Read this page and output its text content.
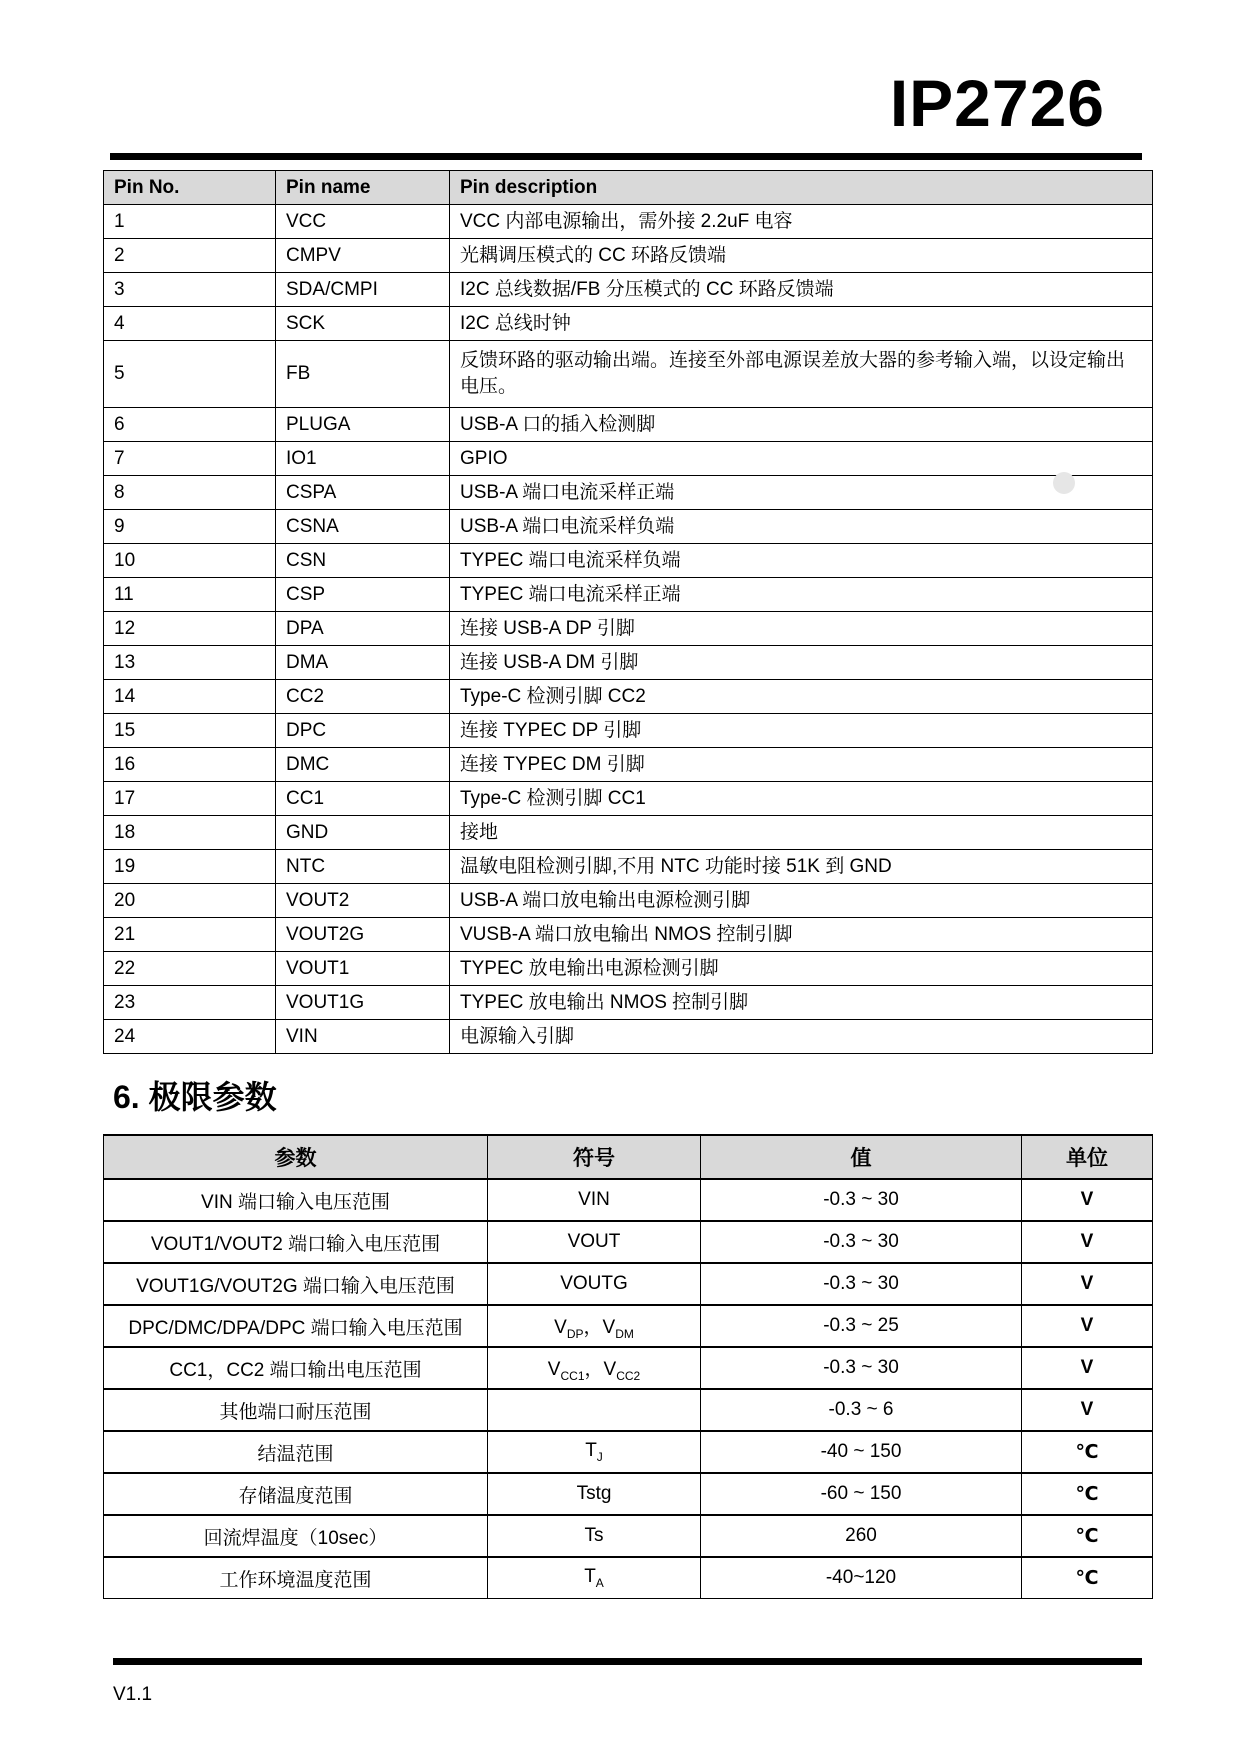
IP2726
Pin No.	Pin name	Pin description
1	VCC	VCC 内部电源输出，需外接 2.2uF 电容
2	CMPV	光耦调压模式的 CC 环路反馈端
3	SDA/CMPI	I2C 总线数据/FB 分压模式的 CC 环路反馈端
4	SCK	I2C 总线时钟
5	FB	反馈环路的驱动输出端。连接至外部电源误差放大器的参考输入端，以设定输出电压。
6	PLUGA	USB-A 口的插入检测脚
7	IO1	GPIO
8	CSPA	USB-A 端口电流采样正端
9	CSNA	USB-A 端口电流采样负端
10	CSN	TYPEC 端口电流采样负端
11	CSP	TYPEC 端口电流采样正端
12	DPA	连接 USB-A DP 引脚
13	DMA	连接 USB-A DM 引脚
14	CC2	Type-C 检测引脚 CC2
15	DPC	连接 TYPEC DP 引脚
16	DMC	连接 TYPEC DM 引脚
17	CC1	Type-C 检测引脚 CC1
18	GND	接地
19	NTC	温敏电阻检测引脚,不用 NTC 功能时接 51K 到 GND
20	VOUT2	USB-A 端口放电输出电源检测引脚
21	VOUT2G	VUSB-A 端口放电输出 NMOS 控制引脚
22	VOUT1	TYPEC 放电输出电源检测引脚
23	VOUT1G	TYPEC 放电输出 NMOS 控制引脚
24	VIN	电源输入引脚
6. 极限参数
参数	符号	值	单位
VIN 端口输入电压范围	VIN	-0.3 ~ 30	V
VOUT1/VOUT2 端口输入电压范围	VOUT	-0.3 ~ 30	V
VOUT1G/VOUT2G 端口输入电压范围	VOUTG	-0.3 ~ 30	V
DPC/DMC/DPA/DPC 端口输入电压范围	$V_{DP}$，$V_{DM}$	-0.3 ~ 25	V
CC1，CC2 端口输出电压范围	$V_{CC1}$，$V_{CC2}$	-0.3 ~ 30	V
其他端口耐压范围		-0.3 ~ 6	V
结温范围	$T_J$	-40 ~ 150	℃
存储温度范围	Tstg	-60 ~ 150	℃
回流焊温度（10sec）	Ts	260	℃
工作环境温度范围	$T_A$	-40~120	℃
V1.1
